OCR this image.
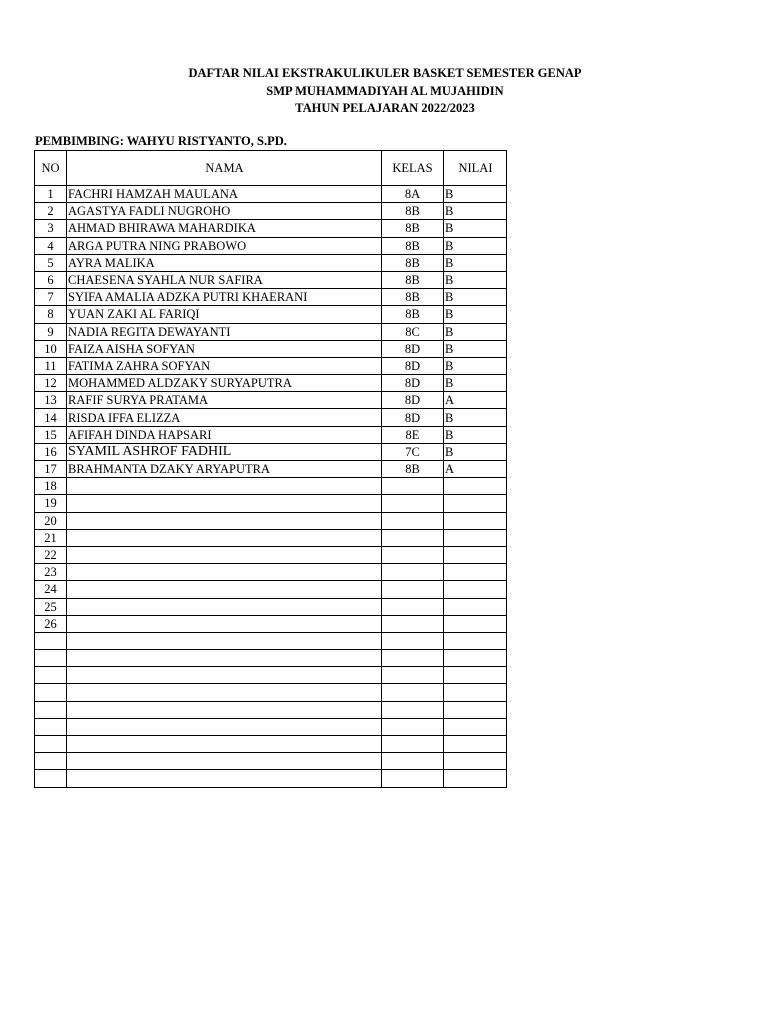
DAFTAR NILAI EKSTRAKULIKULER BASKET SEMESTER GENAP
SMP MUHAMMADIYAH AL MUJAHIDIN
TAHUN PELAJARAN 2022/2023
PEMBIMBING: WAHYU RISTYANTO, S.PD.
NO	NAMA	KELAS	NILAI
1	FACHRI HAMZAH MAULANA	8A	B
2	AGASTYA FADLI NUGROHO	8B	B
3	AHMAD BHIRAWA MAHARDIKA	8B	B
4	ARGA PUTRA NING PRABOWO	8B	B
5	AYRA MALIKA	8B	B
6	CHAESENA SYAHLA NUR SAFIRA	8B	B
7	SYIFA AMALIA ADZKA PUTRI KHAERANI	8B	B
8	YUAN ZAKI AL FARIQI	8B	B
9	NADIA REGITA DEWAYANTI	8C	B
10	FAIZA AISHA SOFYAN	8D	B
11	FATIMA ZAHRA SOFYAN	8D	B
12	MOHAMMED ALDZAKY SURYAPUTRA	8D	B
13	RAFIF SURYA PRATAMA	8D	A
14	RISDA IFFA ELIZZA	8D	B
15	AFIFAH DINDA HAPSARI	8E	B
16	SYAMIL ASHROF FADHIL	7C	B
17	BRAHMANTA DZAKY ARYAPUTRA	8B	A
18			
19			
20			
21			
22			
23			
24			
25			
26			
